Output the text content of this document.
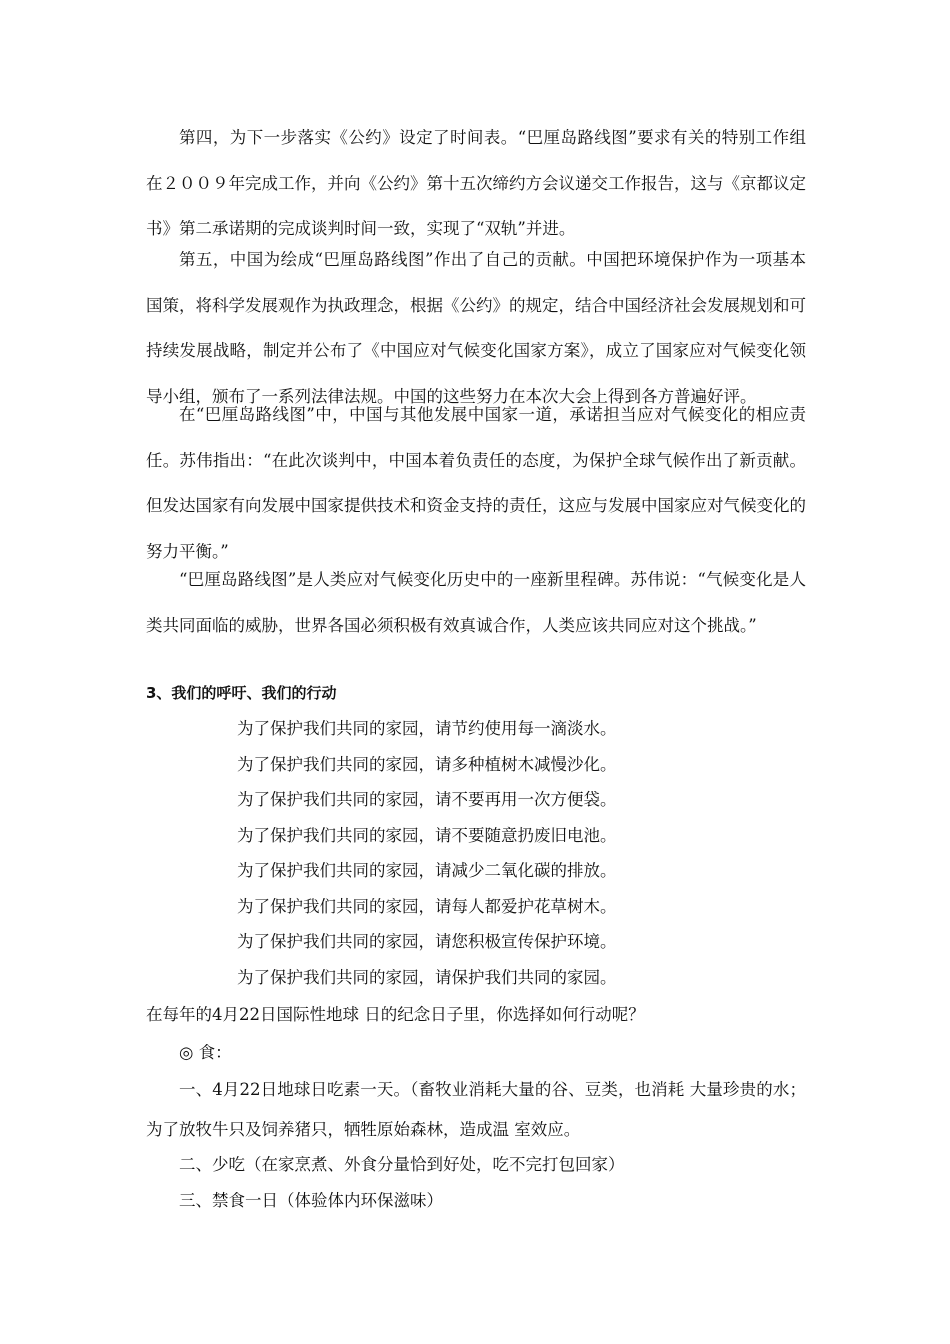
第四，为下一步落实《公约》设定了时间表。“巴厘岛路线图”要求有关的特别工作组在２００９年完成工作，并向《公约》第十五次缔约方会议递交工作报告，这与《京都议定书》第二承诺期的完成谈判时间一致，实现了“双轨”并进。

第五，中国为绘成“巴厘岛路线图”作出了自己的贡献。中国把环境保护作为一项基本国策，将科学发展观作为执政理念，根据《公约》的规定，结合中国经济社会发展规划和可持续发展战略，制定并公布了《中国应对气候变化国家方案》，成立了国家应对气候变化领导小组，颁布了一系列法律法规。中国的这些努力在本次大会上得到各方普遍好评。

在“巴厘岛路线图”中，中国与其他发展中国家一道，承诺担当应对气候变化的相应责任。苏伟指出：“在此次谈判中，中国本着负责任的态度，为保护全球气候作出了新贡献。但发达国家有向发展中国家提供技术和资金支持的责任，这应与发展中国家应对气候变化的努力平衡。”

“巴厘岛路线图”是人类应对气候变化历史中的一座新里程碑。苏伟说：“气候变化是人类共同面临的威胁，世界各国必须积极有效真诚合作，人类应该共同应对这个挑战。”

3、我们的呼吁、我们的行动
为了保护我们共同的家园，请节约使用每一滴淡水。
为了保护我们共同的家园，请多种植树木减慢沙化。
为了保护我们共同的家园，请不要再用一次方便袋。
为了保护我们共同的家园，请不要随意扔废旧电池。
为了保护我们共同的家园，请减少二氧化碳的排放。
为了保护我们共同的家园，请每人都爱护花草树木。
为了保护我们共同的家园，请您积极宣传保护环境。
为了保护我们共同的家园，请保护我们共同的家园。

在每年的4月22日国际性地球 日的纪念日子里，你选择如何行动呢？

◎ 食：

一、4月22日地球日吃素一天。（畜牧业消耗大量的谷、豆类，也消耗 大量珍贵的水；为了放牧牛只及饲养猪只，牺牲原始森林，造成温 室效应。

二、少吃（在家烹煮、外食分量恰到好处，吃不完打包回家）

三、禁食一日（体验体内环保滋味）
